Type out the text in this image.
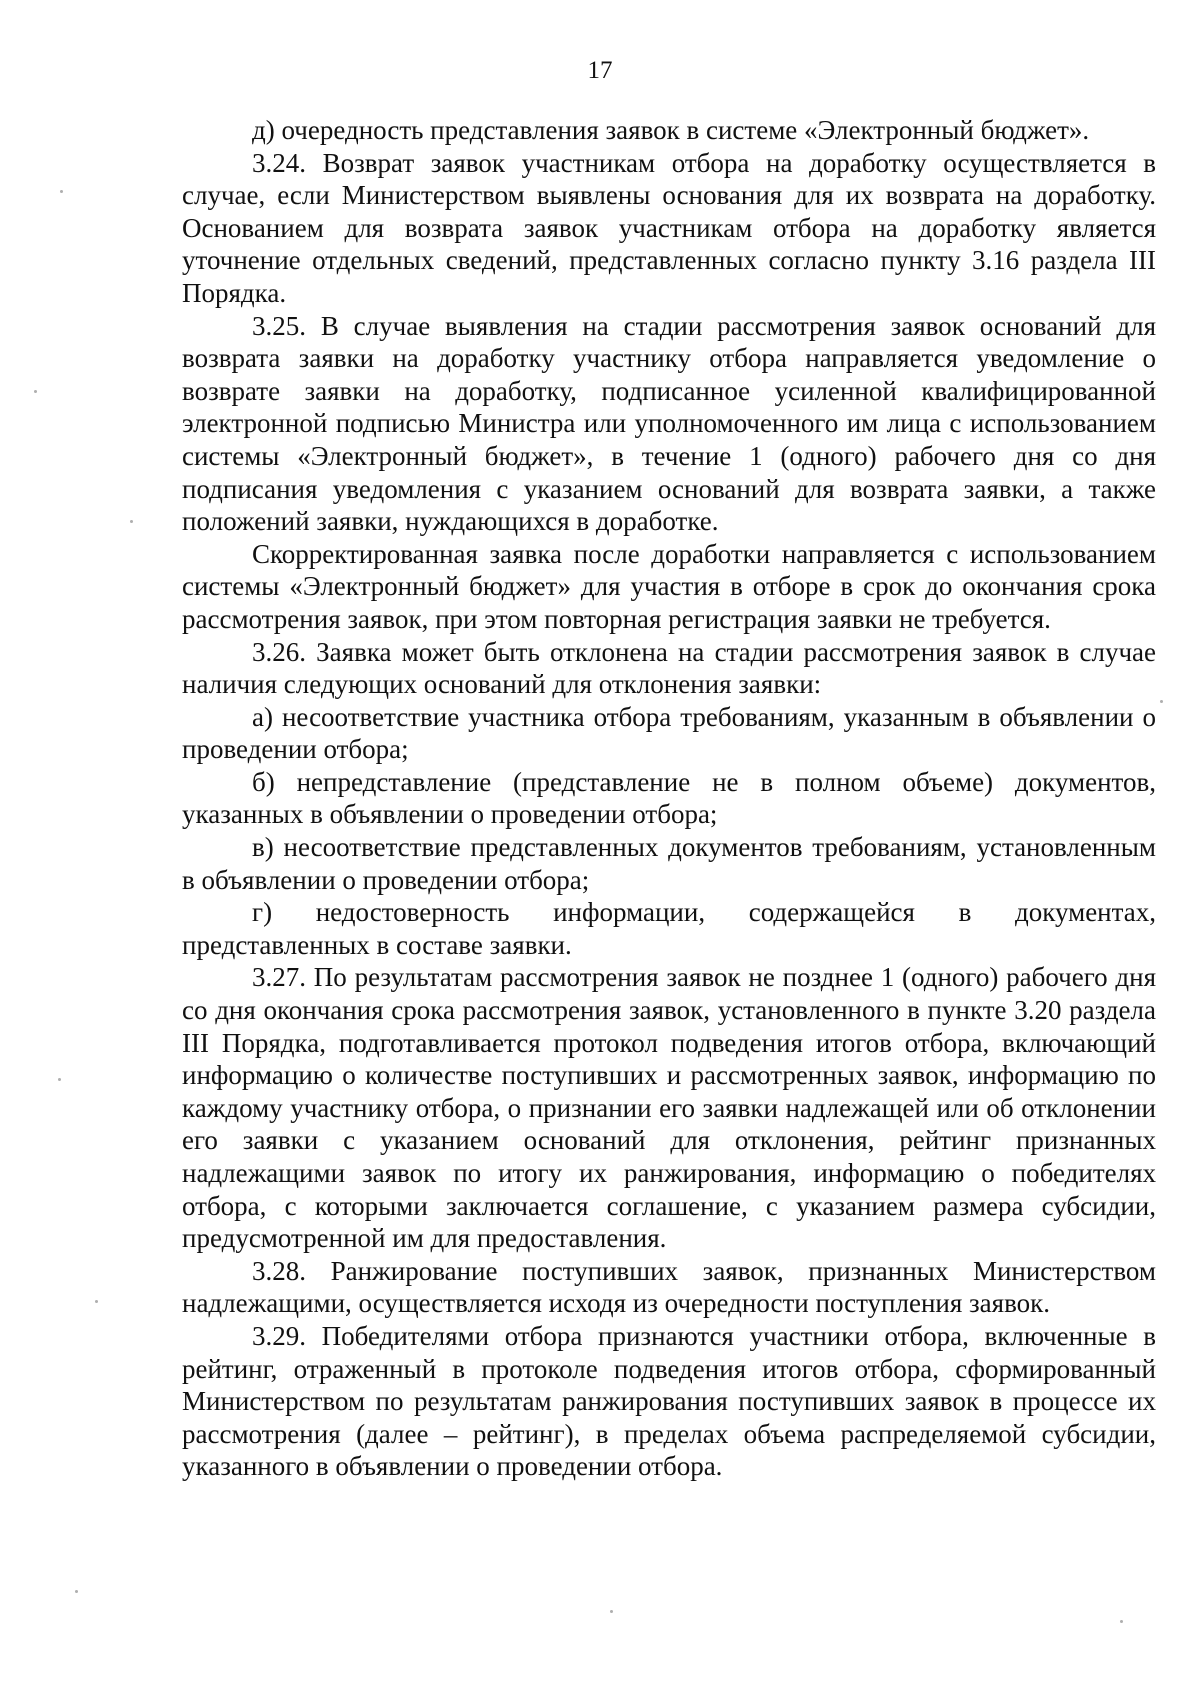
17

д) очередность представления заявок в системе «Электронный бюджет».

3.24. Возврат заявок участникам отбора на доработку осуществляется в случае, если Министерством выявлены основания для их возврата на доработку. Основанием для возврата заявок участникам отбора на доработку является уточнение отдельных сведений, представленных согласно пункту 3.16 раздела III Порядка.

3.25. В случае выявления на стадии рассмотрения заявок оснований для возврата заявки на доработку участнику отбора направляется уведомление о возврате заявки на доработку, подписанное усиленной квалифицированной электронной подписью Министра или уполномоченного им лица с использованием системы «Электронный бюджет», в течение 1 (одного) рабочего дня со дня подписания уведомления с указанием оснований для возврата заявки, а также положений заявки, нуждающихся в доработке.

Скорректированная заявка после доработки направляется с использованием системы «Электронный бюджет» для участия в отборе в срок до окончания срока рассмотрения заявок, при этом повторная регистрация заявки не требуется.

3.26. Заявка может быть отклонена на стадии рассмотрения заявок в случае наличия следующих оснований для отклонения заявки:

а) несоответствие участника отбора требованиям, указанным в объявлении о проведении отбора;

б) непредставление (представление не в полном объеме) документов, указанных в объявлении о проведении отбора;

в) несоответствие представленных документов требованиям, установленным в объявлении о проведении отбора;

г) недостоверность информации, содержащейся в документах, представленных в составе заявки.

3.27. По результатам рассмотрения заявок не позднее 1 (одного) рабочего дня со дня окончания срока рассмотрения заявок, установленного в пункте 3.20 раздела III Порядка, подготавливается протокол подведения итогов отбора, включающий информацию о количестве поступивших и рассмотренных заявок, информацию по каждому участнику отбора, о признании его заявки надлежащей или об отклонении его заявки с указанием оснований для отклонения, рейтинг признанных надлежащими заявок по итогу их ранжирования, информацию о победителях отбора, с которыми заключается соглашение, с указанием размера субсидии, предусмотренной им для предоставления.

3.28. Ранжирование поступивших заявок, признанных Министерством надлежащими, осуществляется исходя из очередности поступления заявок.

3.29. Победителями отбора признаются участники отбора, включенные в рейтинг, отраженный в протоколе подведения итогов отбора, сформированный Министерством по результатам ранжирования поступивших заявок в процессе их рассмотрения (далее – рейтинг), в пределах объема распределяемой субсидии, указанного в объявлении о проведении отбора.
